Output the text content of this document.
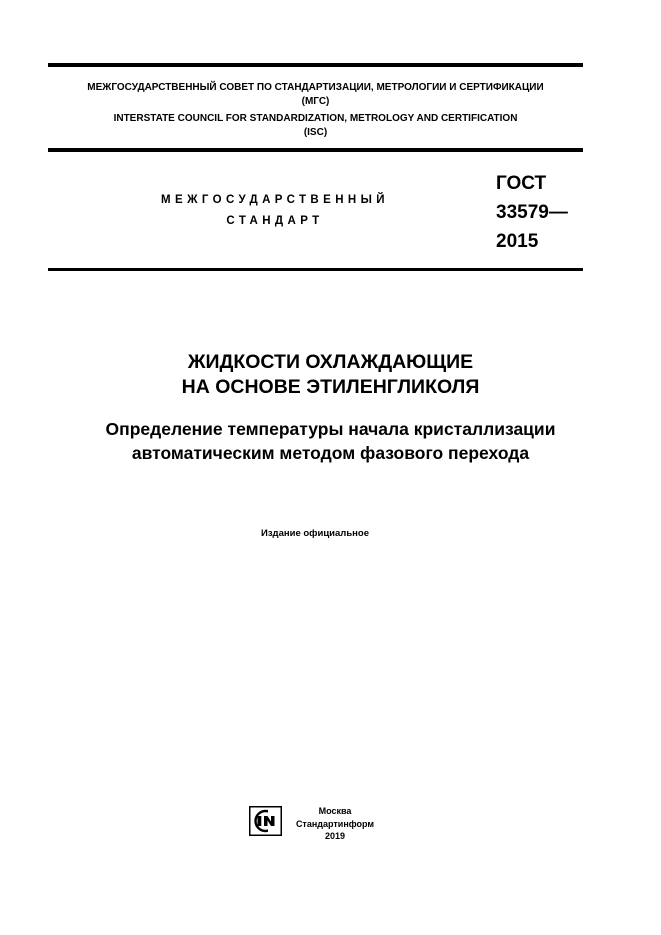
МЕЖГОСУДАРСТВЕННЫЙ СОВЕТ ПО СТАНДАРТИЗАЦИИ, МЕТРОЛОГИИ И СЕРТИФИКАЦИИ
(МГС)
INTERSTATE COUNCIL FOR STANDARDIZATION, METROLOGY AND CERTIFICATION
(ISC)
МЕЖГОСУДАРСТВЕННЫЙ
СТАНДАРТ
ГОСТ
33579—
2015
ЖИДКОСТИ ОХЛАЖДАЮЩИЕ
НА ОСНОВЕ ЭТИЛЕНГЛИКОЛЯ
Определение температуры начала кристаллизации
автоматическим методом фазового перехода
Издание официальное
Москва
Стандартинформ
2019
